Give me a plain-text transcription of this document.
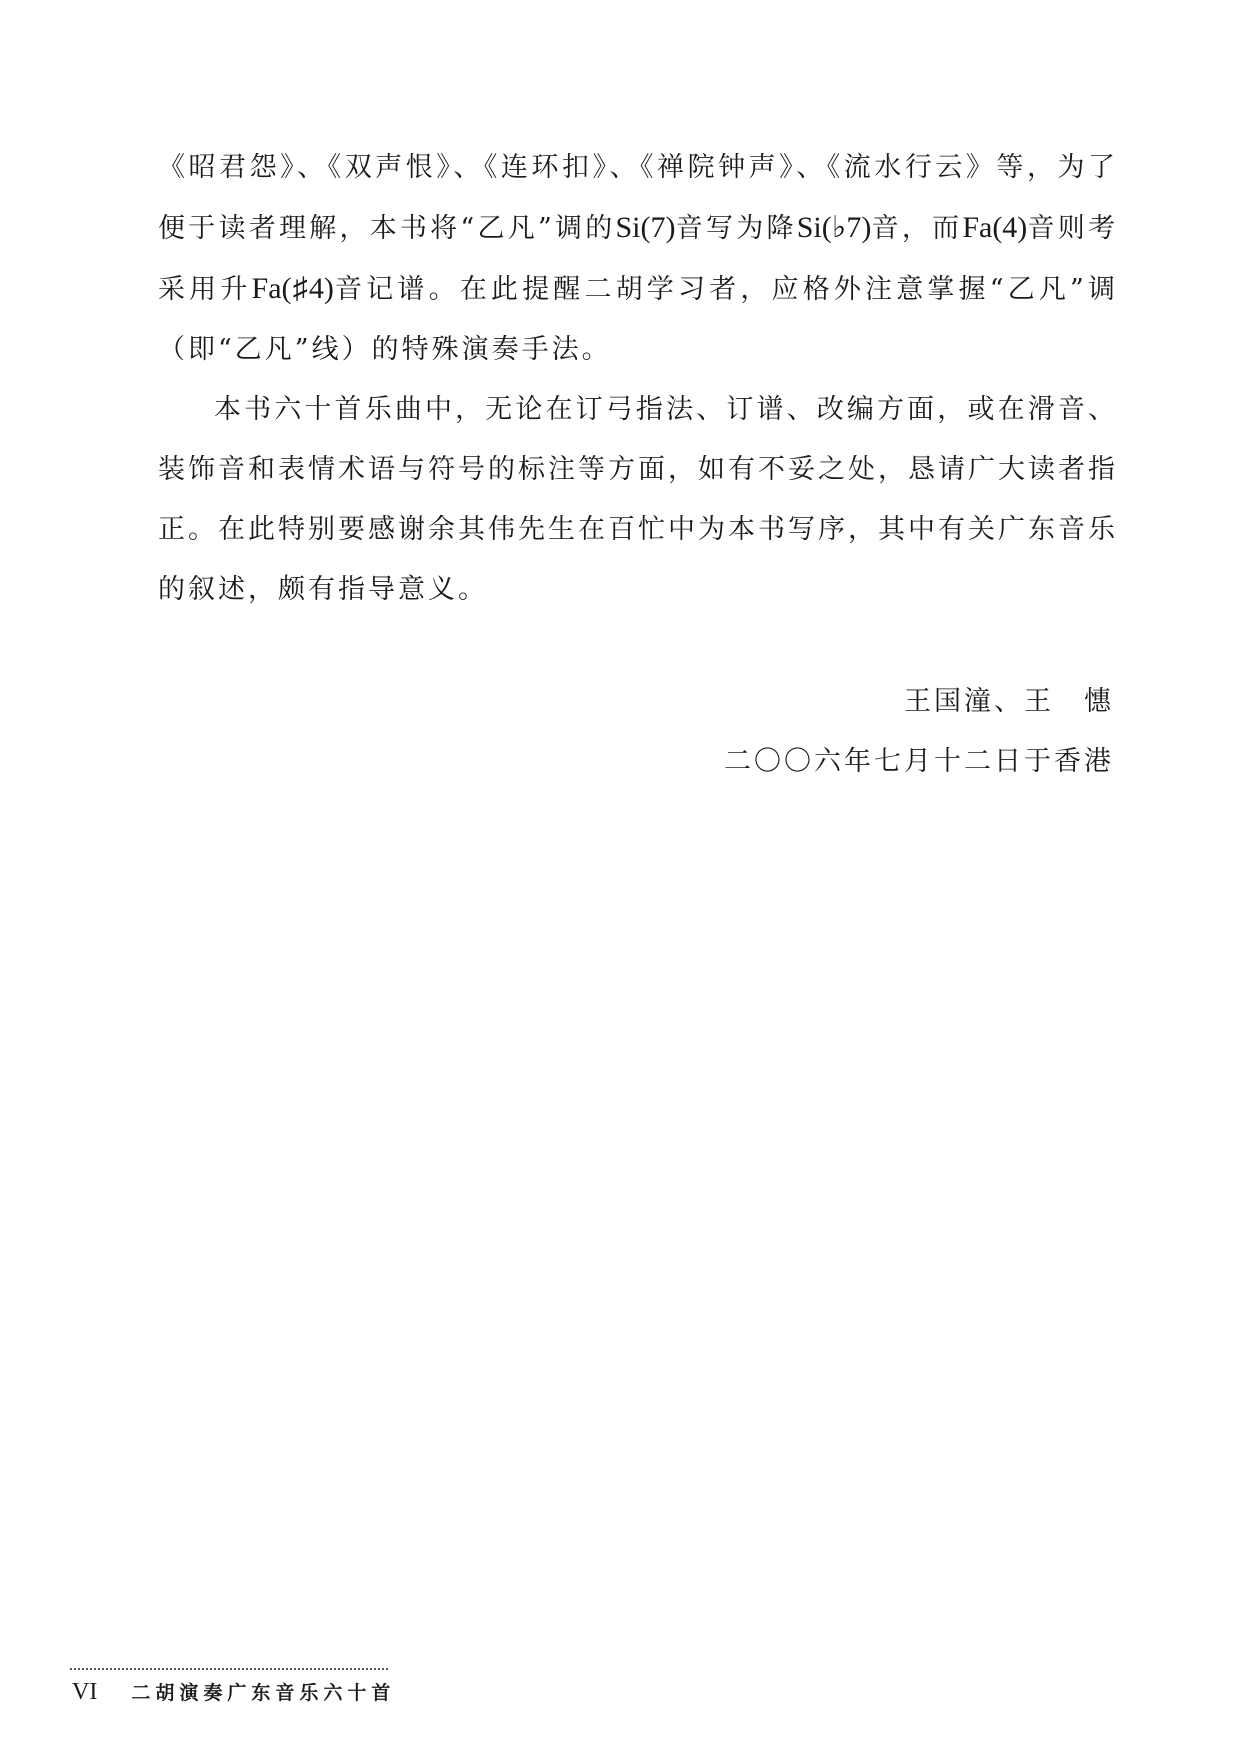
《昭君怨》、《双声恨》、《连环扣》、《禅院钟声》、《流水行云》等，为了便于读者理解，本书将“乙凡”调的Si(7)音写为降Si(♭7)音，而Fa(4)音则考采用升Fa(♯4)音记谱。在此提醒二胡学习者，应格外注意掌握“乙凡”调（即“乙凡”线）的特殊演奏手法。

本书六十首乐曲中，无论在订弓指法、订谱、改编方面，或在滑音、装饰音和表情术语与符号的标注等方面，如有不妥之处，恳请广大读者指正。在此特别要感谢余其伟先生在百忙中为本书写序，其中有关广东音乐的叙述，颇有指导意义。

王国潼、王　憓
二〇〇六年七月十二日于香港
VI 二胡演奏广东音乐六十首
